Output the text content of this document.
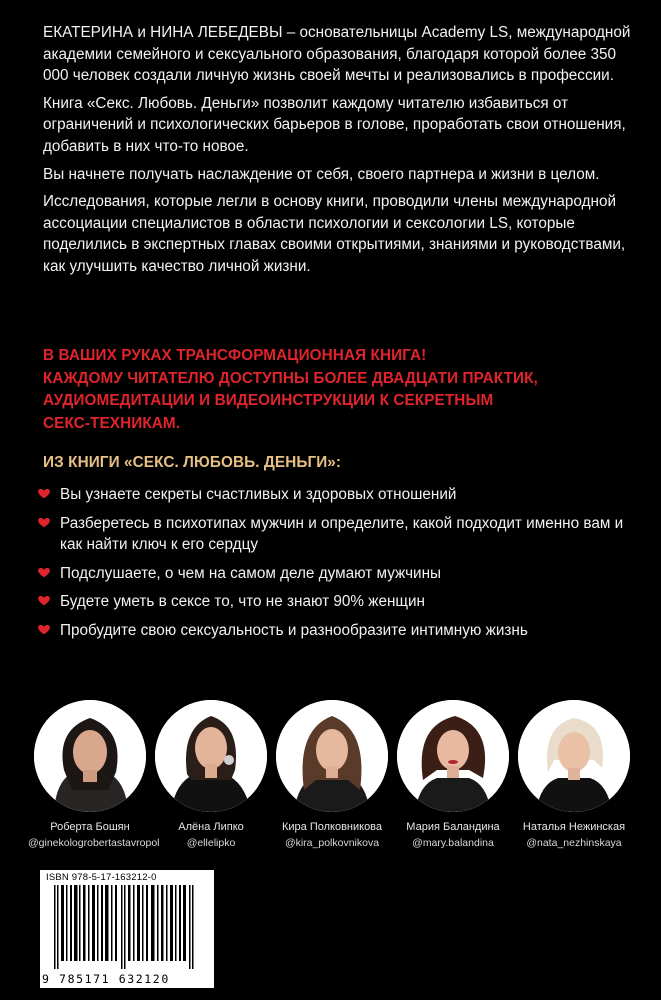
ЕКАТЕРИНА и НИНА ЛЕБЕДЕВЫ – основательницы Academy LS, международной академии семейного и сексуального образования, благодаря которой более 350 000 человек создали личную жизнь своей мечты и реализовались в профессии.

Книга «Секс. Любовь. Деньги» позволит каждому читателю избавиться от ограничений и психологических барьеров в голове, проработать свои отношения, добавить в них что-то новое.

Вы начнете получать наслаждение от себя, своего партнера и жизни в целом.

Исследования, которые легли в основу книги, проводили члены международной ассоциации специалистов в области психологии и сексологии LS, которые поделились в экспертных главах своими открытиями, знаниями и руководствами, как улучшить качество личной жизни.

В ВАШИХ РУКАХ ТРАНСФОРМАЦИОННАЯ КНИГА!
КАЖДОМУ ЧИТАТЕЛЮ ДОСТУПНЫ БОЛЕЕ ДВАДЦАТИ ПРАКТИК,
АУДИОМЕДИТАЦИИ И ВИДЕОИНСТРУКЦИИ К СЕКРЕТНЫМ
СЕКС-ТЕХНИКАМ.
ИЗ КНИГИ «СЕКС. ЛЮБОВЬ. ДЕНЬГИ»:
Вы узнаете секреты счастливых и здоровых отношений
Разберетесь в психотипах мужчин и определите, какой подходит именно вам и как найти ключ к его сердцу
Подслушаете, о чем на самом деле думают мужчины
Будете уметь в сексе то, что не знают 90% женщин
Пробудите свою сексуальность и разнообразите интимную жизнь
Роберта Бошян
@ginekologrobertastavropol
Алёна Липко
@ellelipko
Кира Полковникова
@kira_polkovnikova
Мария Баландина
@mary.balandina
Наталья Нежинская
@nata_nezhinskaya
ISBN 978-5-17-163212-0
9 785171 632120
